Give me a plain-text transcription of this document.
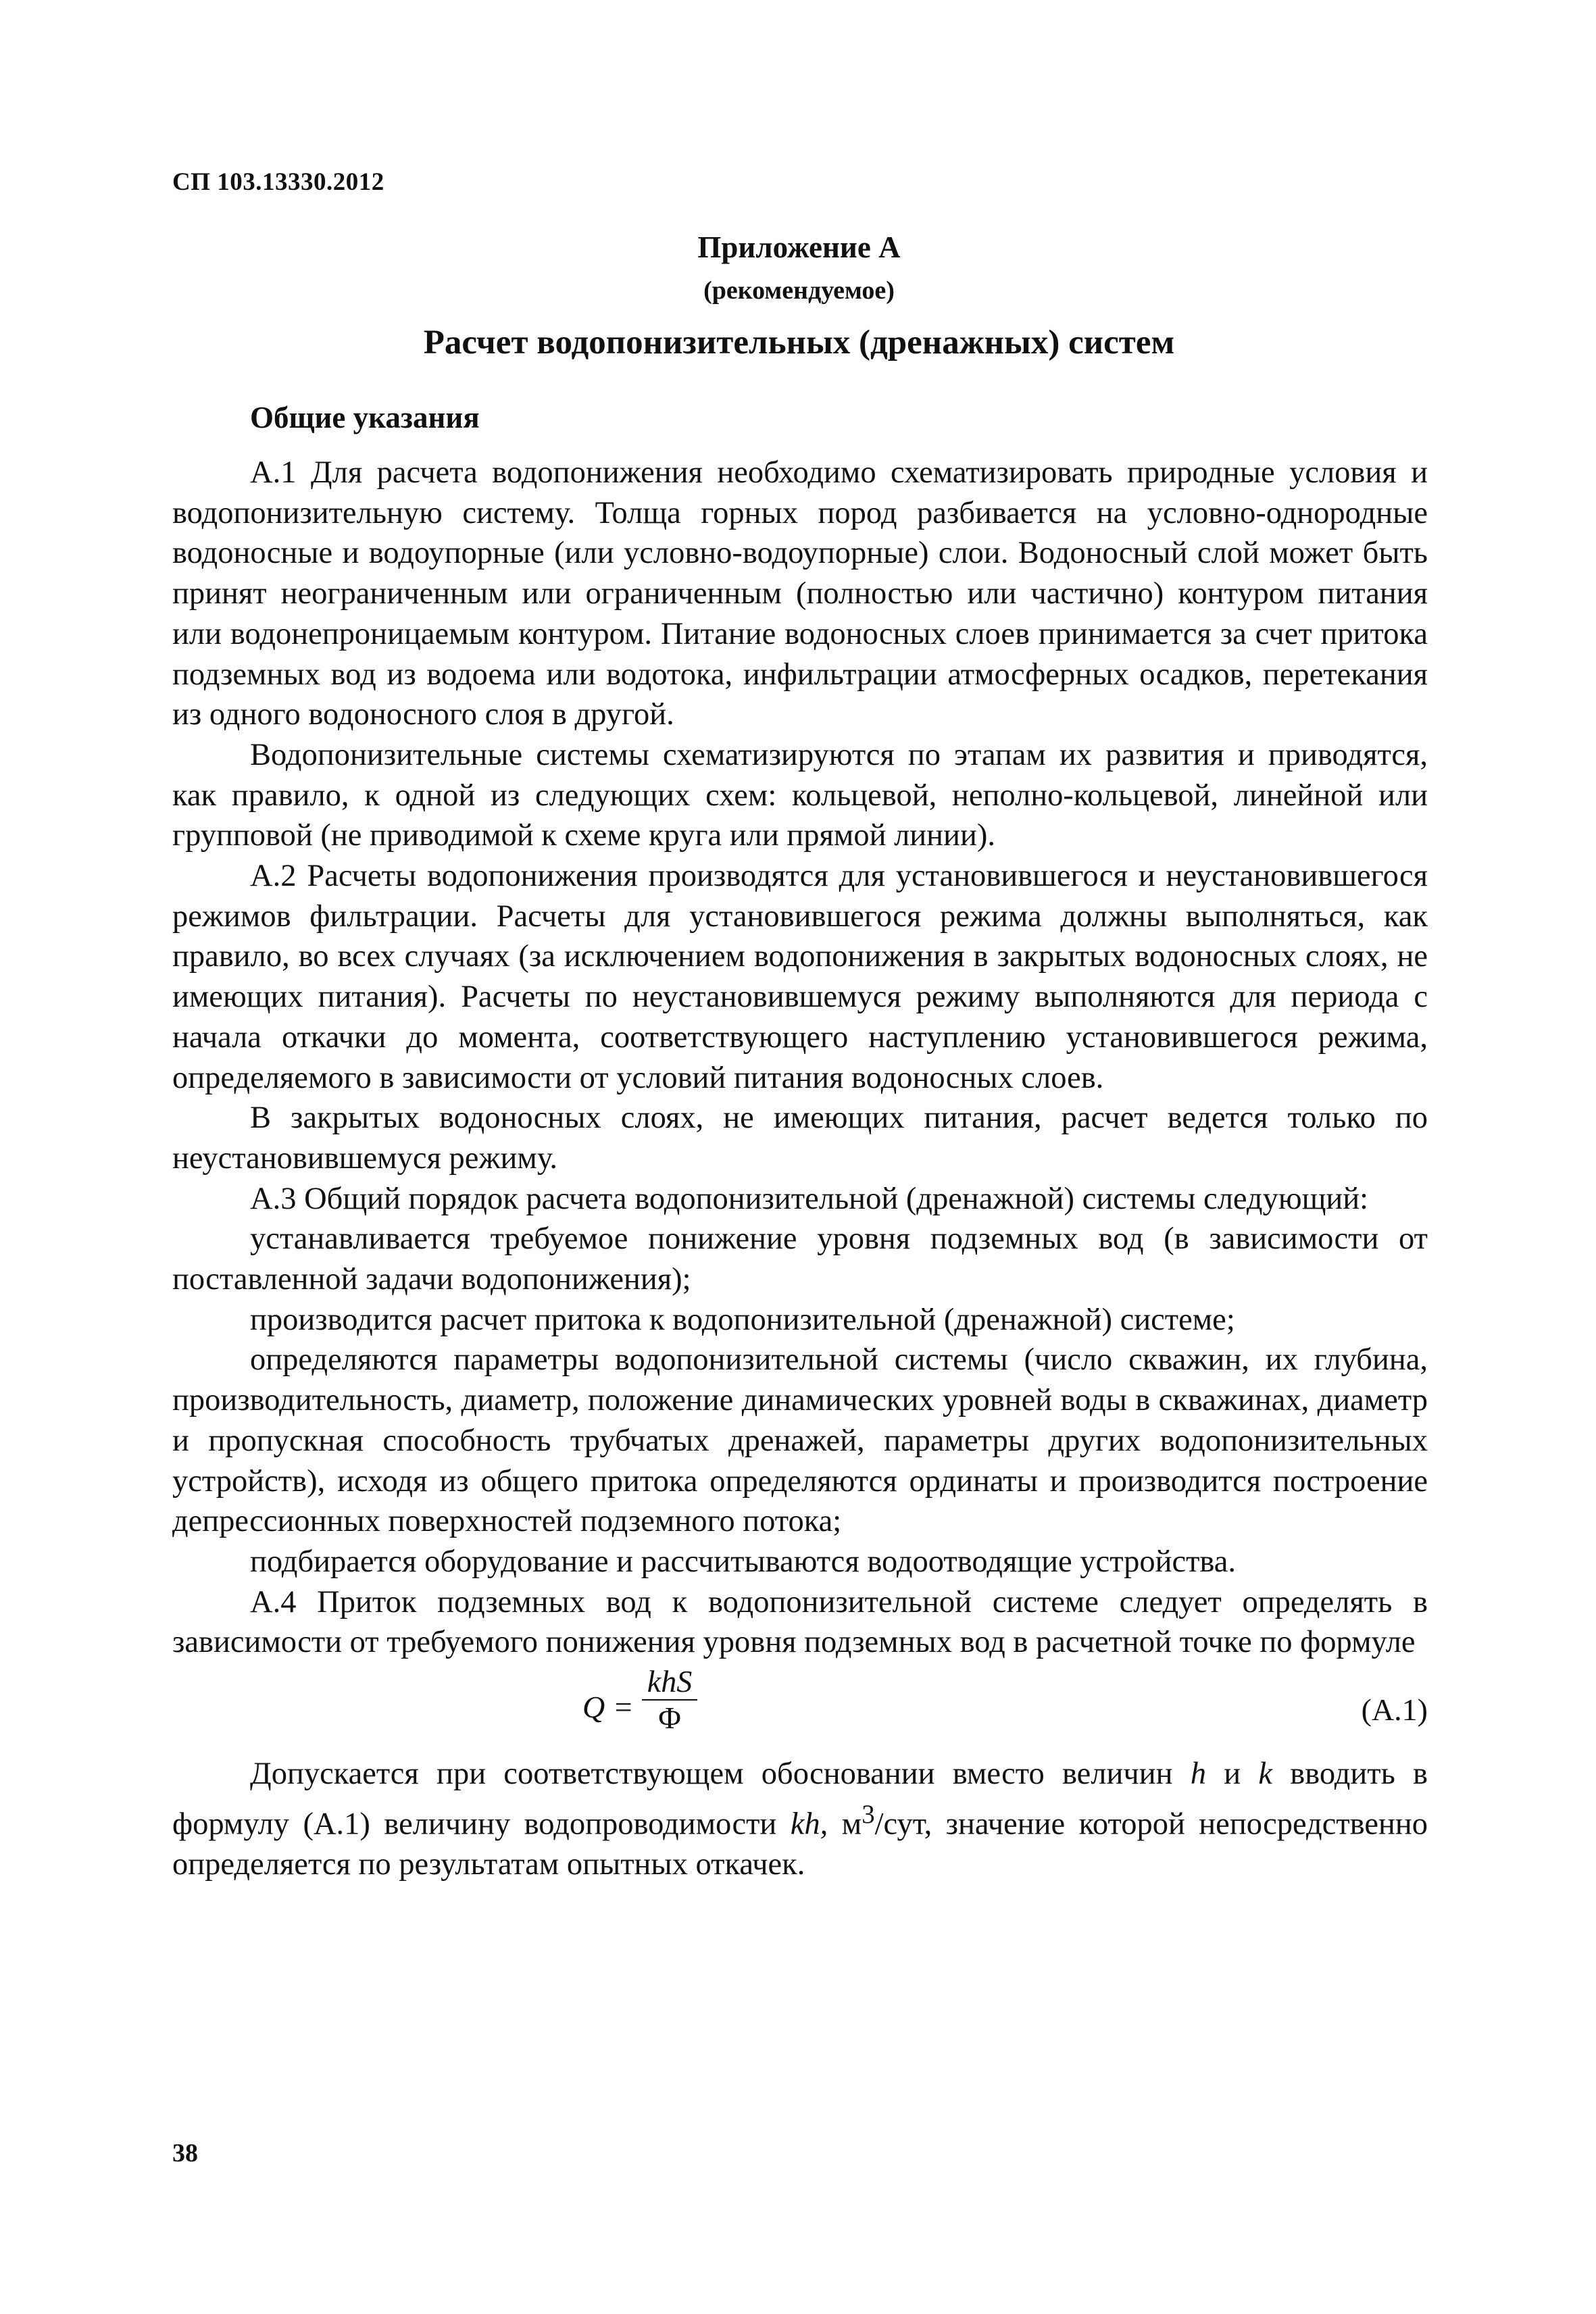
СП 103.13330.2012
Приложение А
(рекомендуемое)
Расчет водопонизительных (дренажных) систем
Общие указания

А.1 Для расчета водопонижения необходимо схематизировать природные условия и водопонизительную систему. Толща горных пород разбивается на условно-однородные водоносные и водоупорные (или условно-водоупорные) слои. Водоносный слой может быть принят неограниченным или ограниченным (полностью или частично) контуром питания или водонепроницаемым контуром. Питание водоносных слоев принимается за счет притока подземных вод из водоема или водотока, инфильтрации атмосферных осадков, перетекания из одного водоносного слоя в другой.

Водопонизительные системы схематизируются по этапам их развития и приводятся, как правило, к одной из следующих схем: кольцевой, неполно-кольцевой, линейной или групповой (не приводимой к схеме круга или прямой линии).

А.2 Расчеты водопонижения производятся для установившегося и неустановившегося режимов фильтрации. Расчеты для установившегося режима должны выполняться, как правило, во всех случаях (за исключением водопонижения в закрытых водоносных слоях, не имеющих питания). Расчеты по неустановившемуся режиму выполняются для периода с начала откачки до момента, соответствующего наступлению установившегося режима, определяемого в зависимости от условий питания водоносных слоев.

В закрытых водоносных слоях, не имеющих питания, расчет ведется только по неустановившемуся режиму.

А.3 Общий порядок расчета водопонизительной (дренажной) системы следующий:

устанавливается требуемое понижение уровня подземных вод (в зависимости от поставленной задачи водопонижения);

производится расчет притока к водопонизительной (дренажной) системе;

определяются параметры водопонизительной системы (число скважин, их глубина, производительность, диаметр, положение динамических уровней воды в скважинах, диаметр и пропускная способность трубчатых дренажей, параметры других водопонизительных устройств), исходя из общего притока определяются ординаты и производится построение депрессионных поверхностей подземного потока;

подбирается оборудование и рассчитываются водоотводящие устройства.

А.4 Приток подземных вод к водопонизительной системе следует определять в зависимости от требуемого понижения уровня подземных вод в расчетной точке по формуле

Q =
khS
Φ	(А.1)

Допускается при соответствующем обосновании вместо величин h и k вводить в формулу (А.1) величину водопроводимости kh, $м^3$/сут, значение которой непосредственно определяется по результатам опытных откачек.

38
